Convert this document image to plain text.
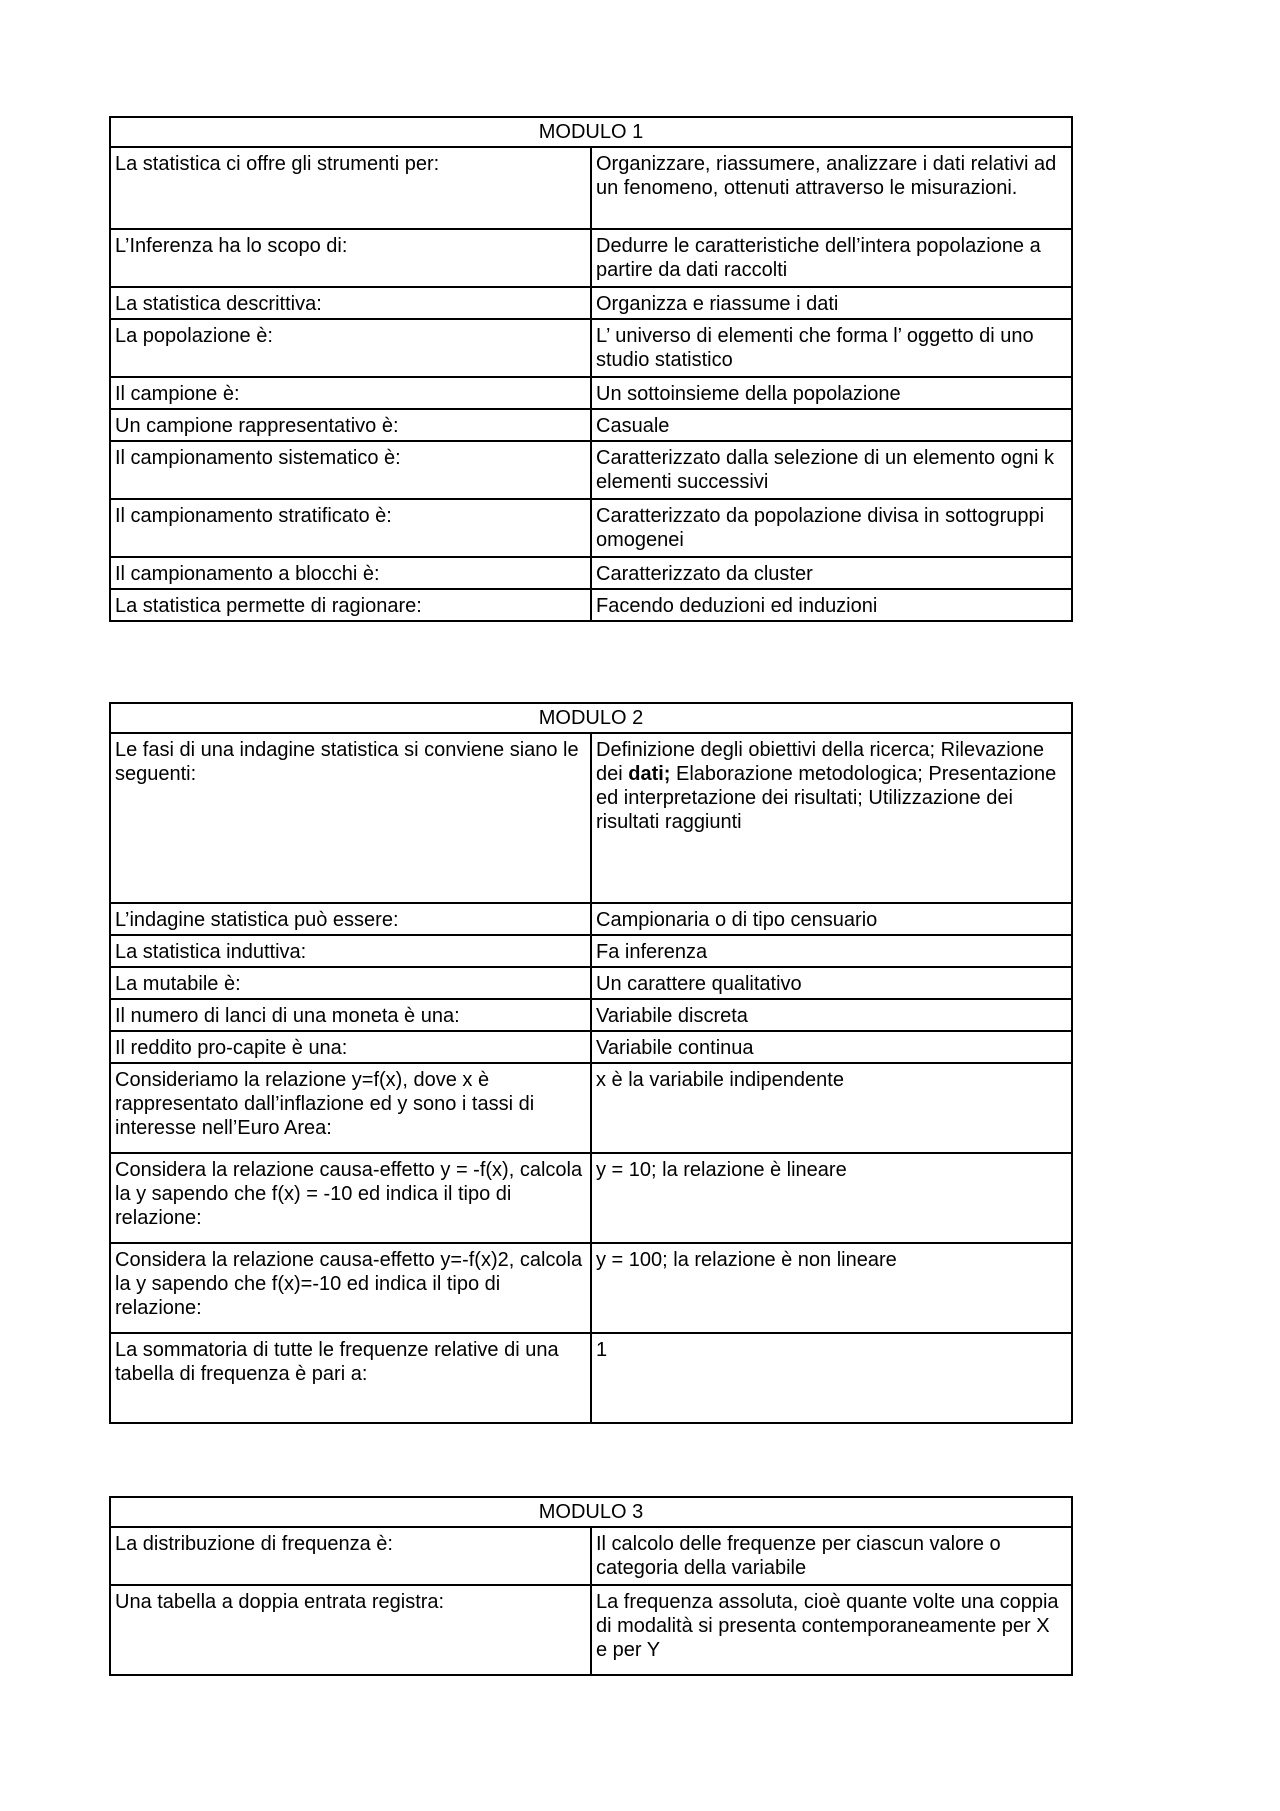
MODULO 1	
La statistica ci offre gli strumenti per:	Organizzare, riassumere, analizzare i dati relativi ad un fenomeno, ottenuti attraverso le misurazioni.
L’Inferenza ha lo scopo di:	Dedurre le caratteristiche dell’intera popolazione a partire da dati raccolti
La statistica descrittiva:	Organizza e riassume i dati
La popolazione è:	L’ universo di elementi che forma l’ oggetto di uno studio statistico
Il campione è:	Un sottoinsieme della popolazione
Un campione rappresentativo è:	Casuale
Il campionamento sistematico è:	Caratterizzato dalla selezione di un elemento ogni k elementi successivi
Il campionamento stratificato è:	Caratterizzato da popolazione divisa in sottogruppi omogenei
Il campionamento a blocchi è:	Caratterizzato da cluster
La statistica permette di ragionare:	Facendo deduzioni ed induzioni
MODULO 2	
Le fasi di una indagine statistica si conviene siano le seguenti:	Definizione degli obiettivi della ricerca; Rilevazione dei dati; Elaborazione metodologica; Presentazione ed interpretazione dei risultati; Utilizzazione dei risultati raggiunti
L’indagine statistica può essere:	Campionaria o di tipo censuario
La statistica induttiva:	Fa inferenza
La mutabile è:	Un carattere qualitativo
Il numero di lanci di una moneta è una:	Variabile discreta
Il reddito pro-capite è una:	Variabile continua
Consideriamo la relazione y=f(x), dove x è rappresentato dall’inflazione ed y sono i tassi di interesse nell’Euro Area:	x è la variabile indipendente
Considera la relazione causa-effetto y = -f(x), calcola la y sapendo che f(x) = -10 ed indica il tipo di relazione:	y = 10; la relazione è lineare
Considera la relazione causa-effetto y=-f(x)2, calcola la y sapendo che f(x)=-10 ed indica il tipo di relazione:	y = 100; la relazione è non lineare
La sommatoria di tutte le frequenze relative di una tabella di frequenza è pari a:	1
MODULO 3	
La distribuzione di frequenza è:	Il calcolo delle frequenze per ciascun valore o categoria della variabile
Una tabella a doppia entrata registra:	La frequenza assoluta, cioè quante volte una coppia di modalità si presenta contemporaneamente per X e per Y
